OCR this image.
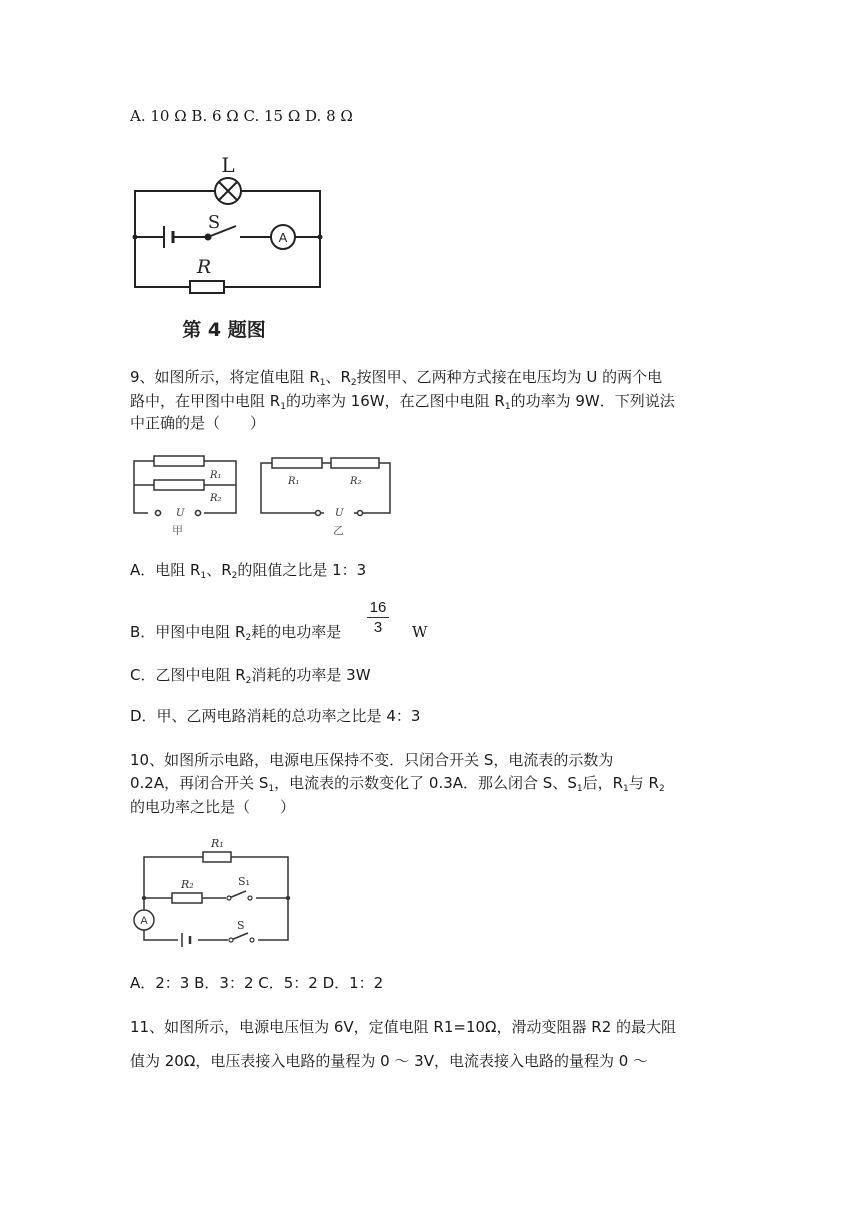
A. 10 Ω B. 6 Ω C. 15 Ω D. 8 Ω
L
S
A
R
第 4 题图
9、如图所示，将定值电阻 $R_1$、$R_2$按图甲、乙两种方式接在电压均为 U 的两个电
路中，在甲图中电阻 $R_1$的功率为 16W，在乙图中电阻 $R_1$的功率为 9W．下列说法
中正确的是（　　）
R₁
R₂
U
R₁	R₂
U
甲	乙
A．电阻 $R_1$、$R_2$的阻值之比是 1：3
B．甲图中电阻 $R_2$耗的电功率是
16
3	W
C．乙图中电阻 $R_2$消耗的功率是 3W
D．甲、乙两电路消耗的总功率之比是 4：3
10、如图所示电路，电源电压保持不变．只闭合开关 S，电流表的示数为
0.2A，再闭合开关 $S_1$，电流表的示数变化了 0.3A．那么闭合 S、$S_1$后，$R_1$与 $R_2$
的电功率之比是（　　）
R₁
R₂	S₁
S
A
A．2：3 B．3：2 C．5：2 D．1：2
11、如图所示，电源电压恒为 6V，定值电阻 R1=10Ω，滑动变阻器 R2 的最大阻
值为 20Ω，电压表接入电路的量程为 0 ～ 3V，电流表接入电路的量程为 0 ～
